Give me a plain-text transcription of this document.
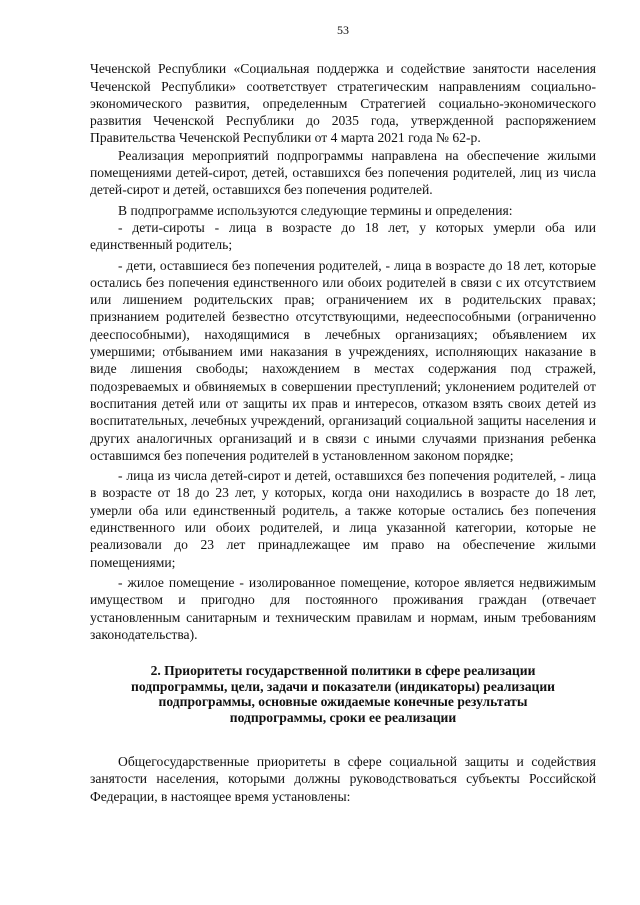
53

Чеченской Республики «Социальная поддержка и содействие занятости населения Чеченской Республики» соответствует стратегическим направлениям социально-экономического развития, определенным Стратегией социально-экономического развития Чеченской Республики до 2035 года, утвержденной распоряжением Правительства Чеченской Республики от 4 марта 2021 года № 62-р.

Реализация мероприятий подпрограммы направлена на обеспечение жилыми помещениями детей-сирот, детей, оставшихся без попечения родителей, лиц из числа детей-сирот и детей, оставшихся без попечения родителей.

В подпрограмме используются следующие термины и определения:

- дети-сироты - лица в возрасте до 18 лет, у которых умерли оба или единственный родитель;

- дети, оставшиеся без попечения родителей, - лица в возрасте до 18 лет, которые остались без попечения единственного или обоих родителей в связи с их отсутствием или лишением родительских прав; ограничением их в родительских правах; признанием родителей безвестно отсутствующими, недееспособными (ограниченно дееспособными), находящимися в лечебных организациях; объявлением их умершими; отбыванием ими наказания в учреждениях, исполняющих наказание в виде лишения свободы; нахождением в местах содержания под стражей, подозреваемых и обвиняемых в совершении преступлений; уклонением родителей от воспитания детей или от защиты их прав и интересов, отказом взять своих детей из воспитательных, лечебных учреждений, организаций социальной защиты населения и других аналогичных организаций и в связи с иными случаями признания ребенка оставшимся без попечения родителей в установленном законом порядке;

- лица из числа детей-сирот и детей, оставшихся без попечения родителей, - лица в возрасте от 18 до 23 лет, у которых, когда они находились в возрасте до 18 лет, умерли оба или единственный родитель, а также которые остались без попечения единственного или обоих родителей, и лица указанной категории, которые не реализовали до 23 лет принадлежащее им право на обеспечение жилыми помещениями;

- жилое помещение - изолированное помещение, которое является недвижимым имуществом и пригодно для постоянного проживания граждан (отвечает установленным санитарным и техническим правилам и нормам, иным требованиям законодательства).

2. Приоритеты государственной политики в сфере реализации
подпрограммы, цели, задачи и показатели (индикаторы) реализации
подпрограммы, основные ожидаемые конечные результаты
подпрограммы, сроки ее реализации

Общегосударственные приоритеты в сфере социальной защиты и содействия занятости населения, которыми должны руководствоваться субъекты Российской Федерации, в настоящее время установлены:
